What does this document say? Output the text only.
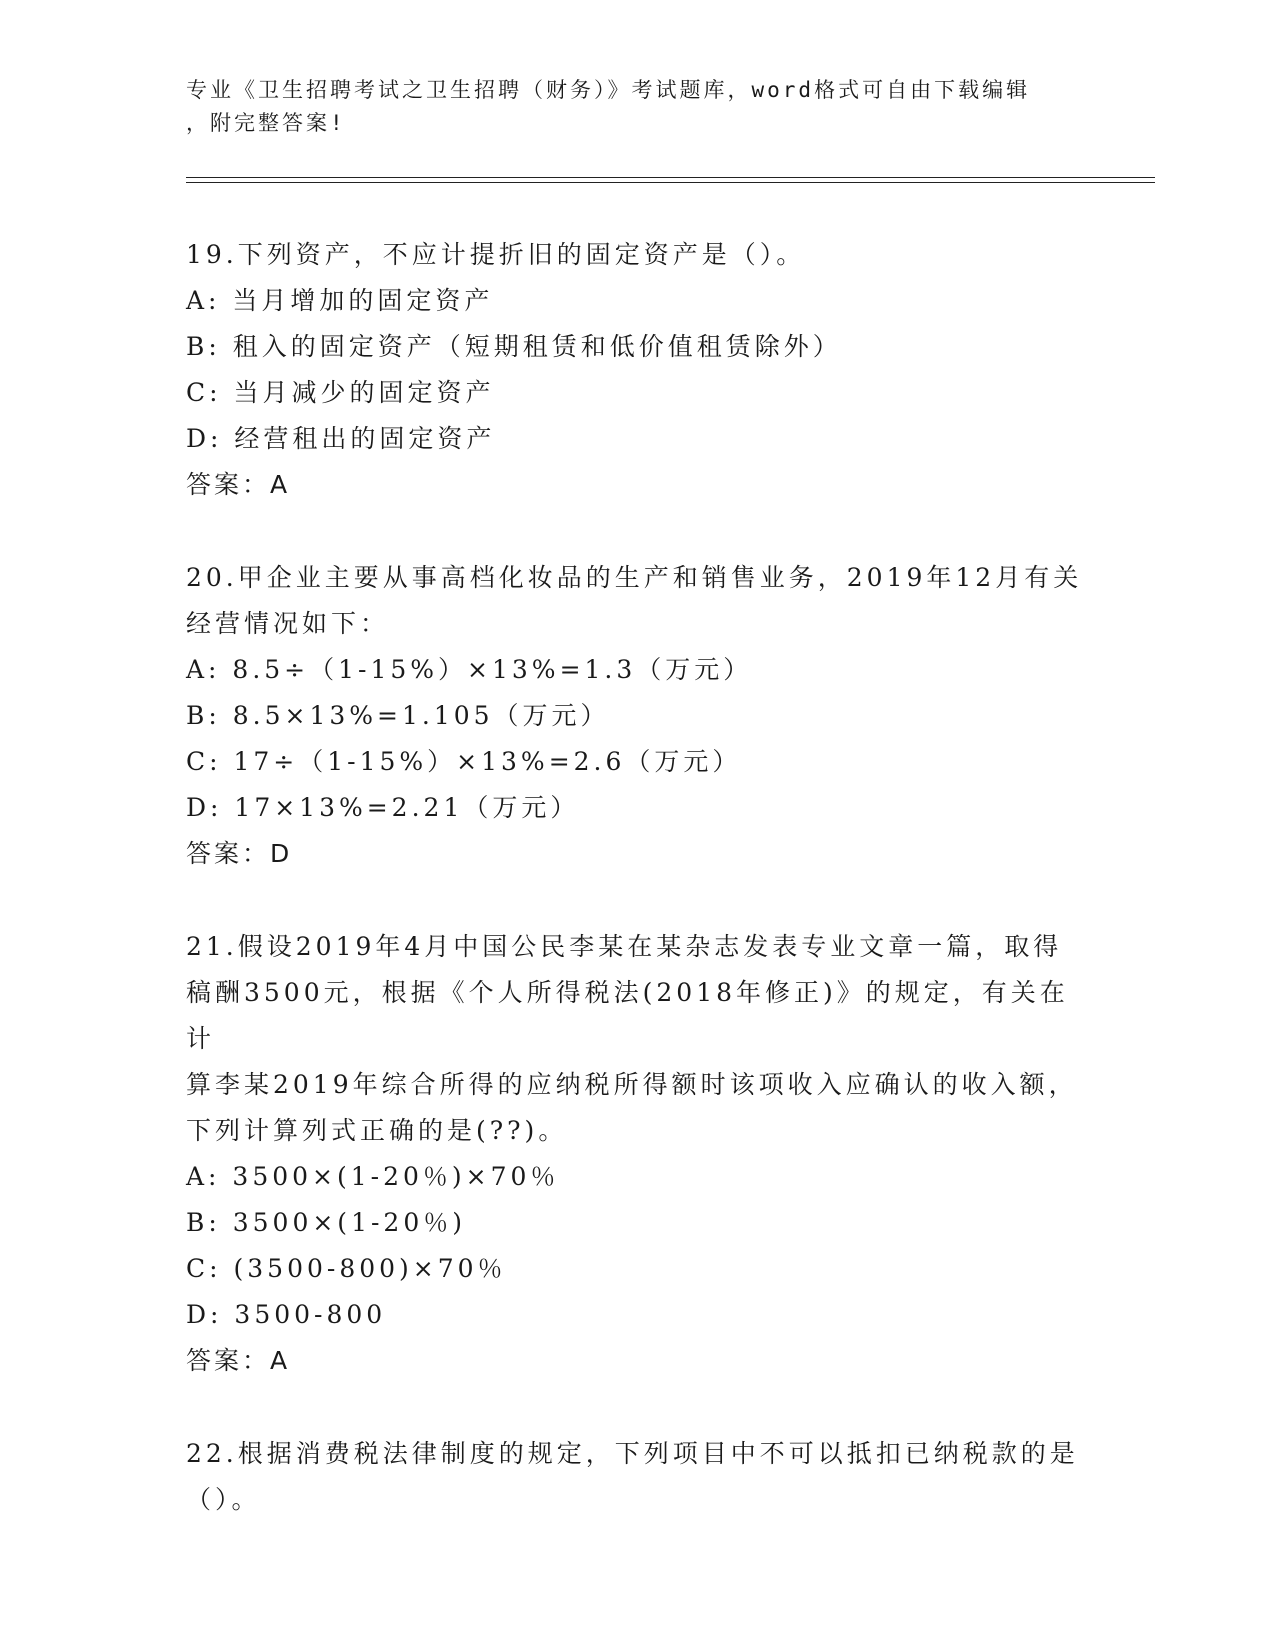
专业《卫生招聘考试之卫生招聘（财务）》考试题库，word格式可自由下载编辑
，附完整答案!
19.下列资产，不应计提折旧的固定资产是（）。
A: 当月增加的固定资产
B: 租入的固定资产（短期租赁和低价值租赁除外）
C: 当月减少的固定资产
D: 经营租出的固定资产
答案：A
20.甲企业主要从事高档化妆品的生产和销售业务，2019年12月有关
经营情况如下：
A: 8.5÷（1-15%）×13%=1.3（万元）
B: 8.5×13%=1.105（万元）
C: 17÷（1-15%）×13%=2.6（万元）
D: 17×13%=2.21（万元）
答案：D
21.假设2019年4月中国公民李某在某杂志发表专业文章一篇，取得
稿酬3500元，根据《个人所得税法(2018年修正)》的规定，有关在计
算李某2019年综合所得的应纳税所得额时该项收入应确认的收入额，
下列计算列式正确的是(??)。
A: 3500×(1-20％)×70％
B: 3500×(1-20％)
C: (3500-800)×70％
D: 3500-800
答案：A
22.根据消费税法律制度的规定，下列项目中不可以抵扣已纳税款的是
（）。
